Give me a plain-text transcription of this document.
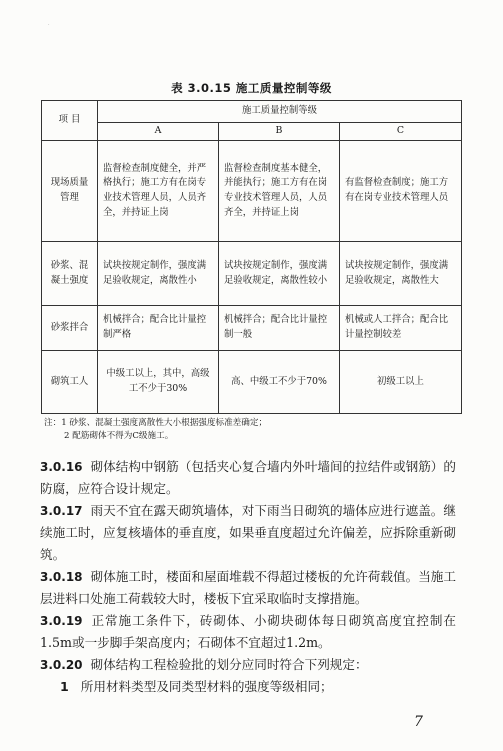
·
表 3.0.15 施工质量控制等级
项 目	施工质量控制等级		
	A	B	C
现场质量管理	监督检查制度健全，并严格执行；施工方有在岗专业技术管理人员，人员齐全，并持证上岗	监督检查制度基本健全，并能执行；施工方有在岗专业技术管理人员，人员齐全，并持证上岗	有监督检查制度；施工方有在岗专业技术管理人员
砂浆、混凝土强度	试块按规定制作，强度满足验收规定，离散性小	试块按规定制作，强度满足验收规定，离散性较小	试块按规定制作，强度满足验收规定，离散性大
砂浆拌合	机械拌合；配合比计量控制严格	机械拌合；配合比计量控制一般	机械或人工拌合；配合比计量控制较差
砌筑工人	中级工以上，其中，高级工不少于30%	高、中级工不少于70%	初级工以上
注：1 砂浆、混凝土强度离散性大小根据强度标准差确定；
2 配筋砌体不得为C级施工。

3.0.16 砌体结构中钢筋（包括夹心复合墙内外叶墙间的拉结件或钢筋）的防腐，应符合设计规定。

3.0.17 雨天不宜在露天砌筑墙体，对下雨当日砌筑的墙体应进行遮盖。继续施工时，应复核墙体的垂直度，如果垂直度超过允许偏差，应拆除重新砌筑。

3.0.18 砌体施工时，楼面和屋面堆载不得超过楼板的允许荷载值。当施工层进料口处施工荷载较大时，楼板下宜采取临时支撑措施。

3.0.19 正常施工条件下，砖砌体、小砌块砌体每日砌筑高度宜控制在1.5m或一步脚手架高度内；石砌体不宜超过1.2m。

3.0.20 砌体结构工程检验批的划分应同时符合下列规定：

1 所用材料类型及同类型材料的强度等级相同；

7
